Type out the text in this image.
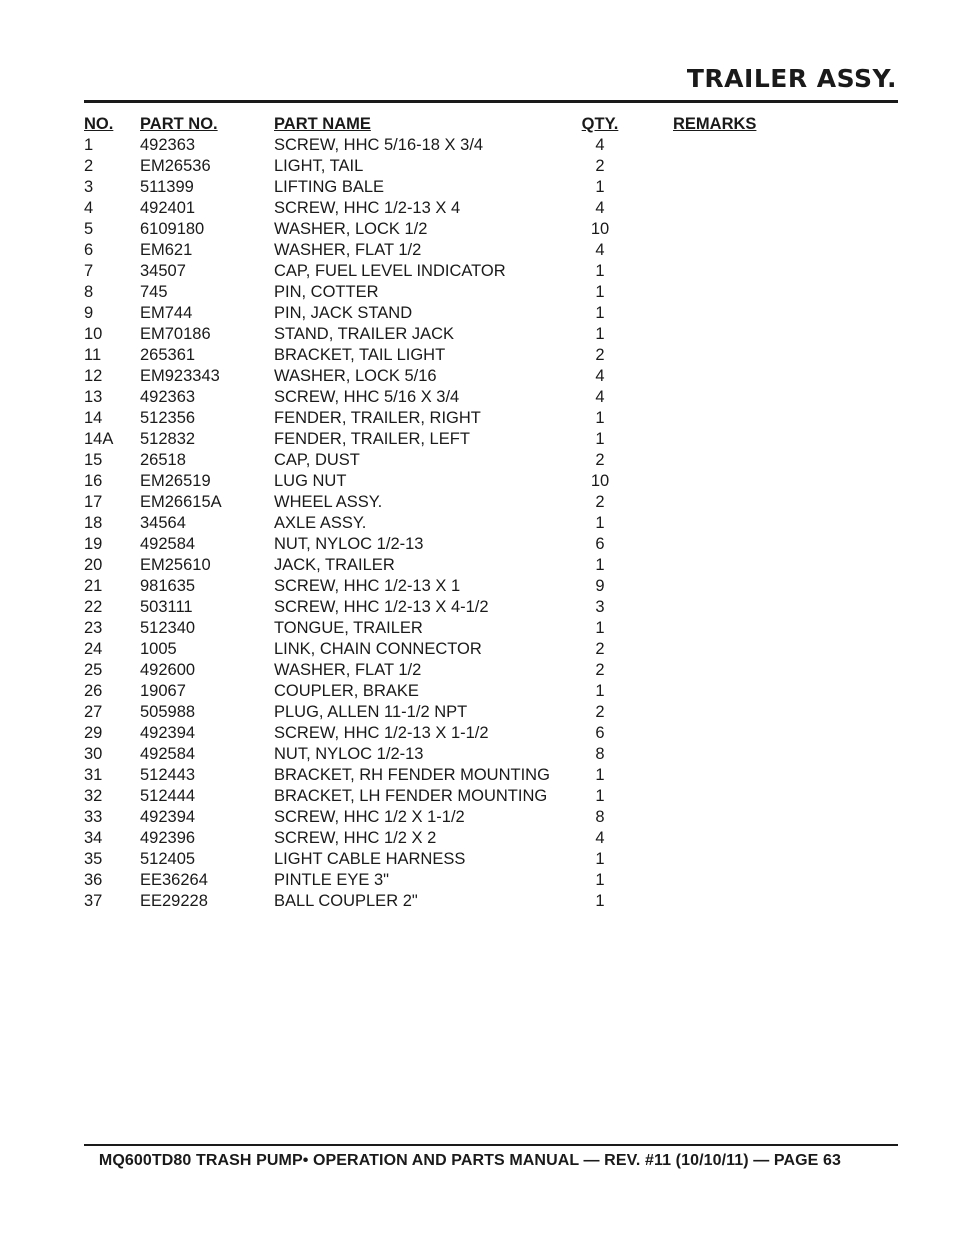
TRAILER ASSY.
NO. PART NO.	PART NAME	QTY.	REMARKS
1	492363	SCREW, HHC 5/16-18 X 3/4	4
2	EM26536	LIGHT, TAIL	2
3	511399	LIFTING BALE	1
4	492401	SCREW, HHC 1/2-13 X 4	4
5	6109180	WASHER, LOCK 1/2	10
6	EM621	WASHER, FLAT 1/2	4
7	34507	CAP, FUEL LEVEL INDICATOR	1
8	745	PIN, COTTER	1
9	EM744	PIN, JACK STAND	1
10 EM70186	STAND, TRAILER JACK	1
11 265361	BRACKET, TAIL LIGHT	2
12 EM923343	WASHER, LOCK 5/16	4
13 492363	SCREW, HHC 5/16 X 3/4	4
14 512356	FENDER, TRAILER, RIGHT	1
14A 512832	FENDER, TRAILER, LEFT	1
15 26518	CAP, DUST	2
16 EM26519	LUG NUT	10
17 EM26615A	WHEEL ASSY.	2
18 34564	AXLE ASSY.	1
19 492584	NUT, NYLOC 1/2-13	6
20 EM25610	JACK, TRAILER	1
21 981635	SCREW, HHC 1/2-13 X 1	9
22 503111	SCREW, HHC 1/2-13 X 4-1/2	3
23 512340	TONGUE, TRAILER	1
24 1005	LINK, CHAIN CONNECTOR	2
25 492600	WASHER, FLAT 1/2	2
26 19067	COUPLER, BRAKE	1
27 505988	PLUG, ALLEN 11-1/2 NPT	2
29 492394	SCREW, HHC 1/2-13 X 1-1/2	6
30 492584	NUT, NYLOC 1/2-13	8
31 512443	BRACKET, RH FENDER MOUNTING	1
32 512444	BRACKET, LH FENDER MOUNTING	1
33 492394	SCREW, HHC 1/2 X 1-1/2	8
34 492396	SCREW, HHC 1/2 X 2	4
35 512405	LIGHT CABLE HARNESS	1
36 EE36264	PINTLE EYE 3"	1
37 EE29228	BALL COUPLER 2"	1
MQ600TD80 TRASH PUMP• OPERATION AND PARTS MANUAL — REV. #11 (10/10/11) — PAGE 63
